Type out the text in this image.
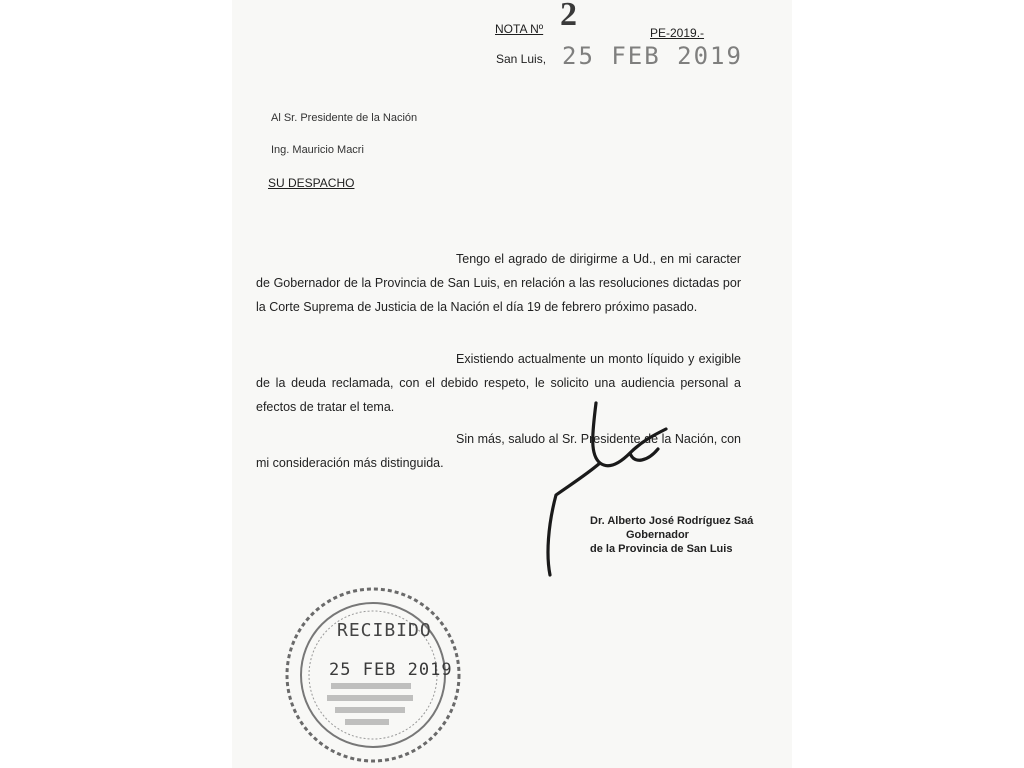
NOTA Nº 2	PE-2019.-
San Luis, 25 FEB 2019
Al Sr. Presidente de la Nación
Ing. Mauricio Macri
SU DESPACHO
Tengo el agrado de dirigirme a Ud., en mi caracter de Gobernador de la Provincia de San Luis, en relación a las resoluciones dictadas por la Corte Suprema de Justicia de la Nación el día 19 de febrero próximo pasado.
Existiendo actualmente un monto líquido y exigible de la deuda reclamada, con el debido respeto, le solicito una audiencia personal a efectos de tratar el tema.
Sin más, saludo al Sr. Presidente de la Nación, con mi consideración más distinguida.
Dr. Alberto José Rodríguez Saá
Gobernador
de la Provincia de San Luis
RECIBIDO
25 FEB 2019
